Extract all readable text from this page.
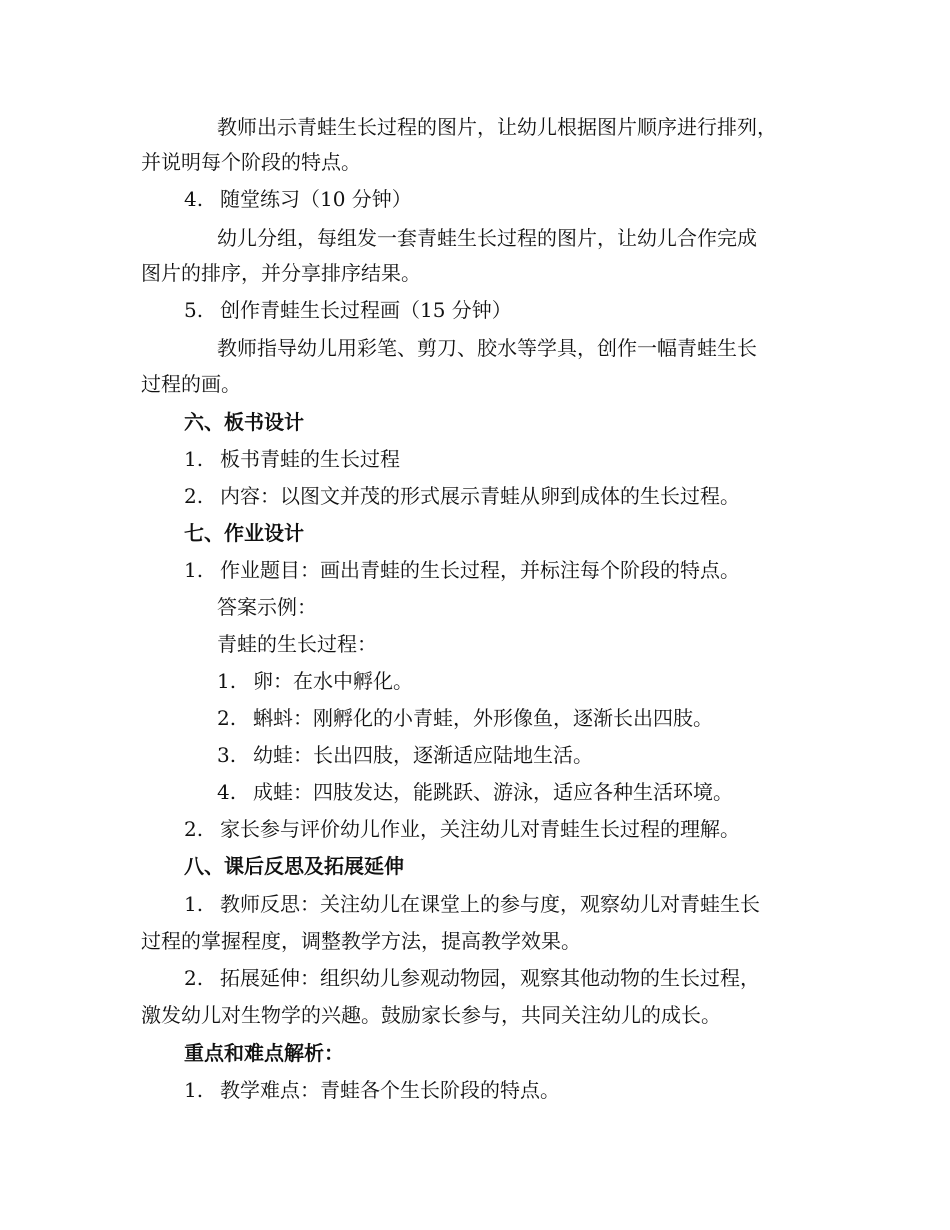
教师出示青蛙生长过程的图片，让幼儿根据图片顺序进行排列，
并说明每个阶段的特点。
4. 随堂练习（10 分钟）
幼儿分组，每组发一套青蛙生长过程的图片，让幼儿合作完成
图片的排序，并分享排序结果。
5. 创作青蛙生长过程画（15 分钟）
教师指导幼儿用彩笔、剪刀、胶水等学具，创作一幅青蛙生长
过程的画。
六、板书设计
1. 板书青蛙的生长过程
2. 内容：以图文并茂的形式展示青蛙从卵到成体的生长过程。
七、作业设计
1. 作业题目：画出青蛙的生长过程，并标注每个阶段的特点。
答案示例：
青蛙的生长过程：
1. 卵：在水中孵化。
2. 蝌蚪：刚孵化的小青蛙，外形像鱼，逐渐长出四肢。
3. 幼蛙：长出四肢，逐渐适应陆地生活。
4. 成蛙：四肢发达，能跳跃、游泳，适应各种生活环境。
2. 家长参与评价幼儿作业，关注幼儿对青蛙生长过程的理解。
八、课后反思及拓展延伸
1. 教师反思：关注幼儿在课堂上的参与度，观察幼儿对青蛙生长
过程的掌握程度，调整教学方法，提高教学效果。
2. 拓展延伸：组织幼儿参观动物园，观察其他动物的生长过程，
激发幼儿对生物学的兴趣。鼓励家长参与，共同关注幼儿的成长。
重点和难点解析：
1. 教学难点：青蛙各个生长阶段的特点。
